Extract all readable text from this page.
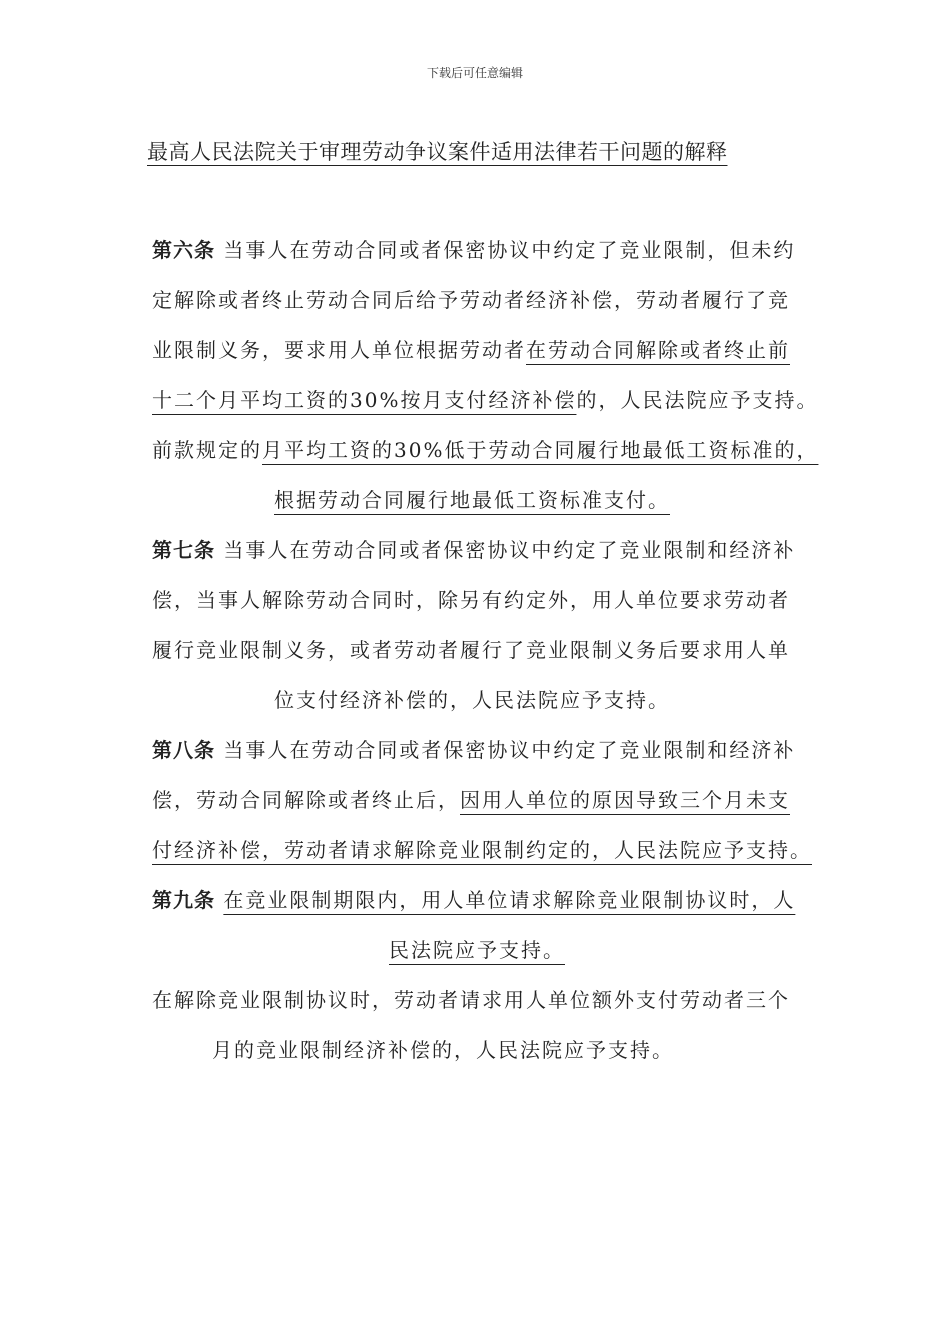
下载后可任意编辑
最高人民法院关于审理劳动争议案件适用法律若干问题的解释
第六条 当事人在劳动合同或者保密协议中约定了竞业限制，但未约
定解除或者终止劳动合同后给予劳动者经济补偿，劳动者履行了竞
业限制义务，要求用人单位根据劳动者在劳动合同解除或者终止前
十二个月平均工资的30%按月支付经济补偿的，人民法院应予支持。
前款规定的月平均工资的30%低于劳动合同履行地最低工资标准的，
根据劳动合同履行地最低工资标准支付。
第七条 当事人在劳动合同或者保密协议中约定了竞业限制和经济补
偿，当事人解除劳动合同时，除另有约定外，用人单位要求劳动者
履行竞业限制义务，或者劳动者履行了竞业限制义务后要求用人单
位支付经济补偿的，人民法院应予支持。
第八条 当事人在劳动合同或者保密协议中约定了竞业限制和经济补
偿，劳动合同解除或者终止后，因用人单位的原因导致三个月未支
付经济补偿，劳动者请求解除竞业限制约定的，人民法院应予支持。
第九条 在竞业限制期限内，用人单位请求解除竞业限制协议时，人
民法院应予支持。
在解除竞业限制协议时，劳动者请求用人单位额外支付劳动者三个
月的竞业限制经济补偿的，人民法院应予支持。
